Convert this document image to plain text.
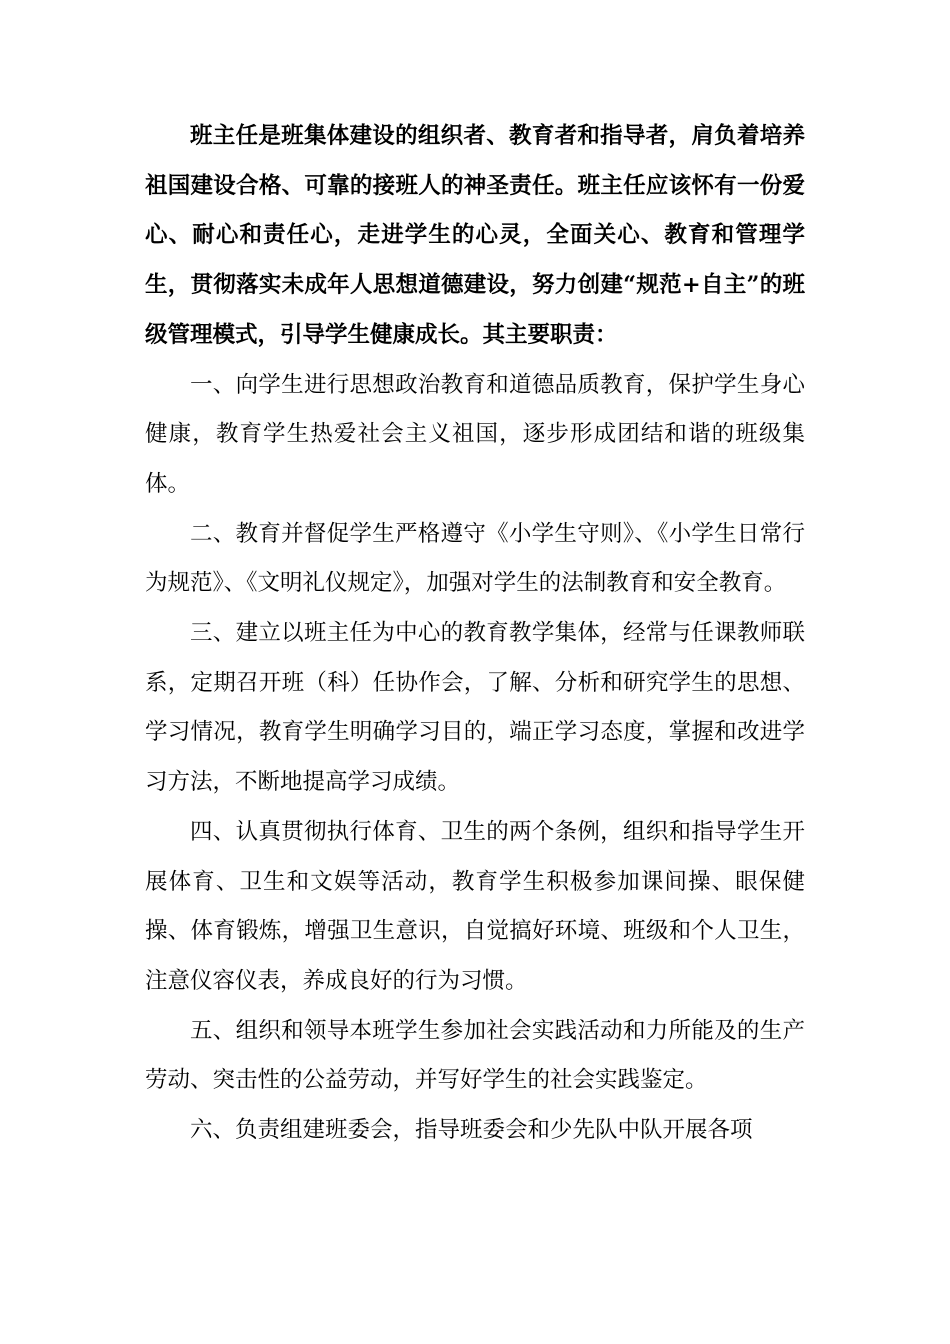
班主任是班集体建设的组织者、教育者和指导者，肩负着培养祖国建设合格、可靠的接班人的神圣责任。班主任应该怀有一份爱心、耐心和责任心，走进学生的心灵，全面关心、教育和管理学生，贯彻落实未成年人思想道德建设，努力创建“规范+自主”的班级管理模式，引导学生健康成长。其主要职责：

一、向学生进行思想政治教育和道德品质教育，保护学生身心健康，教育学生热爱社会主义祖国，逐步形成团结和谐的班级集体。

二、教育并督促学生严格遵守《小学生守则》、《小学生日常行为规范》、《文明礼仪规定》，加强对学生的法制教育和安全教育。

三、建立以班主任为中心的教育教学集体，经常与任课教师联系，定期召开班（科）任协作会，了解、分析和研究学生的思想、学习情况，教育学生明确学习目的，端正学习态度，掌握和改进学习方法，不断地提高学习成绩。

四、认真贯彻执行体育、卫生的两个条例，组织和指导学生开展体育、卫生和文娱等活动，教育学生积极参加课间操、眼保健操、体育锻炼，增强卫生意识，自觉搞好环境、班级和个人卫生，注意仪容仪表，养成良好的行为习惯。

五、组织和领导本班学生参加社会实践活动和力所能及的生产劳动、突击性的公益劳动，并写好学生的社会实践鉴定。

六、负责组建班委会，指导班委会和少先队中队开展各项
